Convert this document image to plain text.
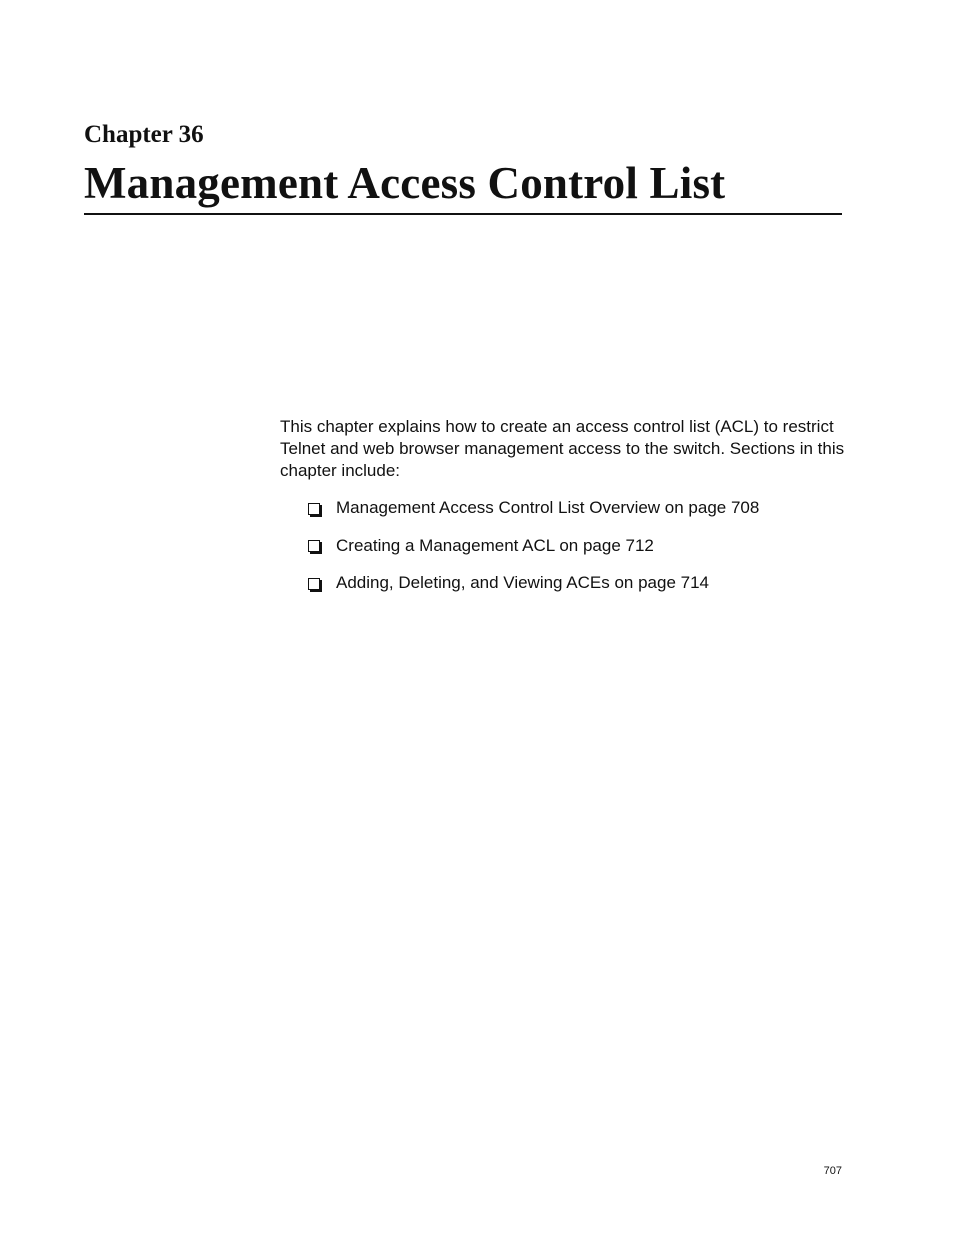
Chapter 36
Management Access Control List

This chapter explains how to create an access control list (ACL) to restrict Telnet and web browser management access to the switch. Sections in this chapter include:

Management Access Control List Overview on page 708
Creating a Management ACL on page 712
Adding, Deleting, and Viewing ACEs on page 714

707
